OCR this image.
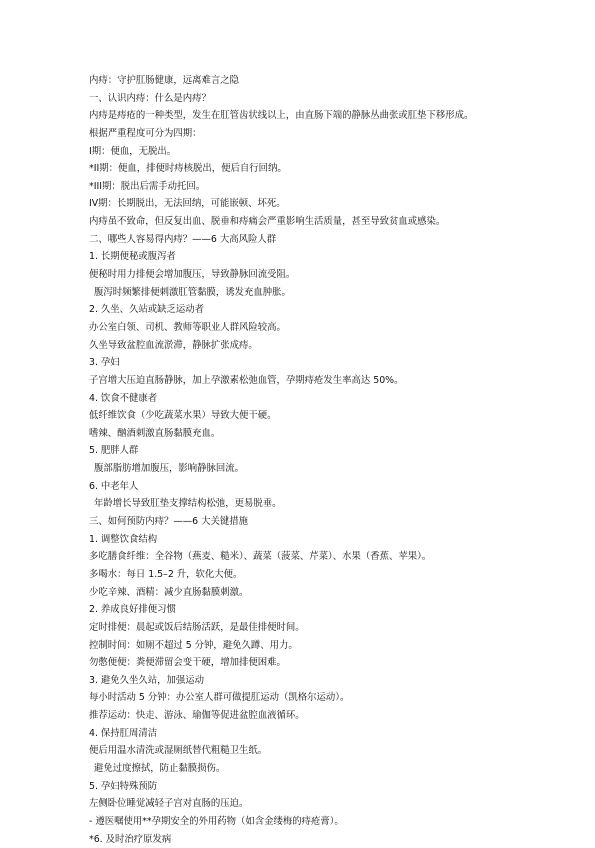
内痔：守护肛肠健康，远离难言之隐
一、认识内痔：什么是内痔？
内痔是痔疮的一种类型，发生在肛管齿状线以上，由直肠下端的静脉丛曲张或肛垫下移形成。
根据严重程度可分为四期：
I期：便血，无脱出。
*II期：便血，排便时痔核脱出，便后自行回纳。
*III期：脱出后需手动托回。
IV期：长期脱出，无法回纳，可能嵌顿、坏死。
内痔虽不致命，但反复出血、脱垂和痔痛会严重影响生活质量，甚至导致贫血或感染。
二、哪些人容易得内痔？——6 大高风险人群
1. 长期便秘或腹泻者
便秘时用力排便会增加腹压，导致静脉回流受阻。
腹泻时频繁排便刺激肛管黏膜，诱发充血肿胀。
2. 久坐、久站或缺乏运动者
办公室白领、司机、教师等职业人群风险较高。
久坐导致盆腔血流淤滞，静脉扩张成痔。
3. 孕妇
子宫增大压迫直肠静脉，加上孕激素松弛血管，孕期痔疮发生率高达 50%。
4. 饮食不健康者
低纤维饮食（少吃蔬菜水果）导致大便干硬。
嗜辣、酗酒刺激直肠黏膜充血。
5. 肥胖人群
腹部脂肪增加腹压，影响静脉回流。
6. 中老年人
年龄增长导致肛垫支撑结构松弛，更易脱垂。
三、如何预防内痔？——6 大关键措施
1. 调整饮食结构
多吃膳食纤维：全谷物（燕麦、糙米）、蔬菜（菠菜、芹菜）、水果（香蕉、苹果）。
多喝水：每日 1.5–2 升，软化大便。
少吃辛辣、酒精：减少直肠黏膜刺激。
2. 养成良好排便习惯
定时排便：晨起或饭后结肠活跃，是最佳排便时间。
控制时间：如厕不超过 5 分钟，避免久蹲、用力。
勿憋便便：粪便滞留会变干硬，增加排便困难。
3. 避免久坐久站，加强运动
每小时活动 5 分钟：办公室人群可做提肛运动（凯格尔运动）。
推荐运动：快走、游泳、瑜伽等促进盆腔血液循环。
4. 保持肛周清洁
便后用温水清洗或湿厕纸替代粗糙卫生纸。
避免过度擦拭，防止黏膜损伤。
5. 孕妇特殊预防
左侧卧位睡觉减轻子宫对直肠的压迫。
- 遵医嘱使用**孕期安全的外用药物（如含金缕梅的痔疮膏）。
*6. 及时治疗原发病
